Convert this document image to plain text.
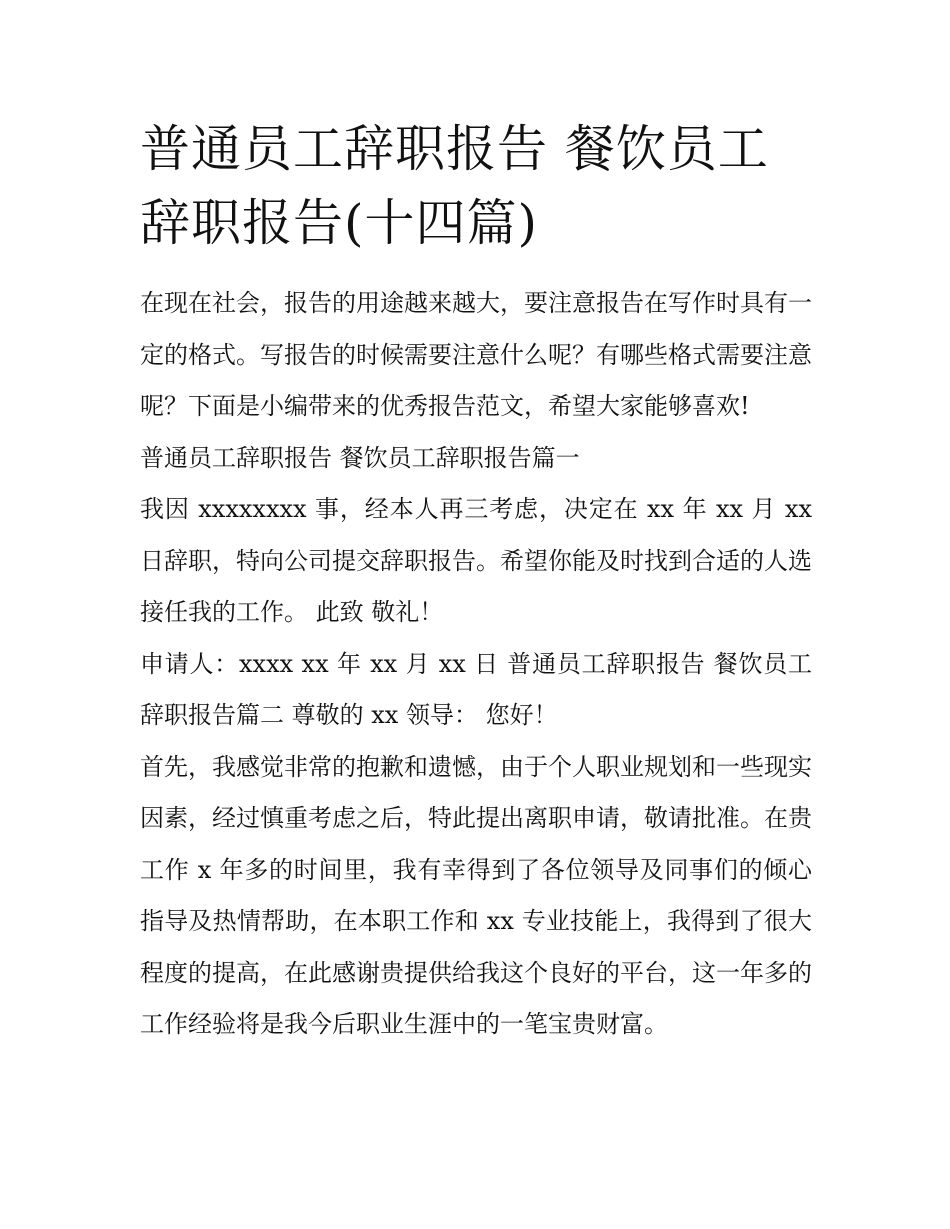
普通员工辞职报告 餐饮员工辞职报告(十四篇)

在现在社会，报告的用途越来越大，要注意报告在写作时具有一定的格式。写报告的时候需要注意什么呢？有哪些格式需要注意呢？下面是小编带来的优秀报告范文，希望大家能够喜欢!

普通员工辞职报告 餐饮员工辞职报告篇一

我因 xxxxxxxx 事，经本人再三考虑，决定在 xx 年 xx 月 xx 日辞职，特向公司提交辞职报告。希望你能及时找到合适的人选接任我的工作。 此致 敬礼！

申请人：xxxx xx 年 xx 月 xx 日 普通员工辞职报告 餐饮员工辞职报告篇二 尊敬的 xx 领导： 您好！

首先，我感觉非常的抱歉和遗憾，由于个人职业规划和一些现实因素，经过慎重考虑之后，特此提出离职申请，敬请批准。在贵工作 x 年多的时间里，我有幸得到了各位领导及同事们的倾心指导及热情帮助，在本职工作和 xx 专业技能上，我得到了很大程度的提高，在此感谢贵提供给我这个良好的平台，这一年多的工作经验将是我今后职业生涯中的一笔宝贵财富。
